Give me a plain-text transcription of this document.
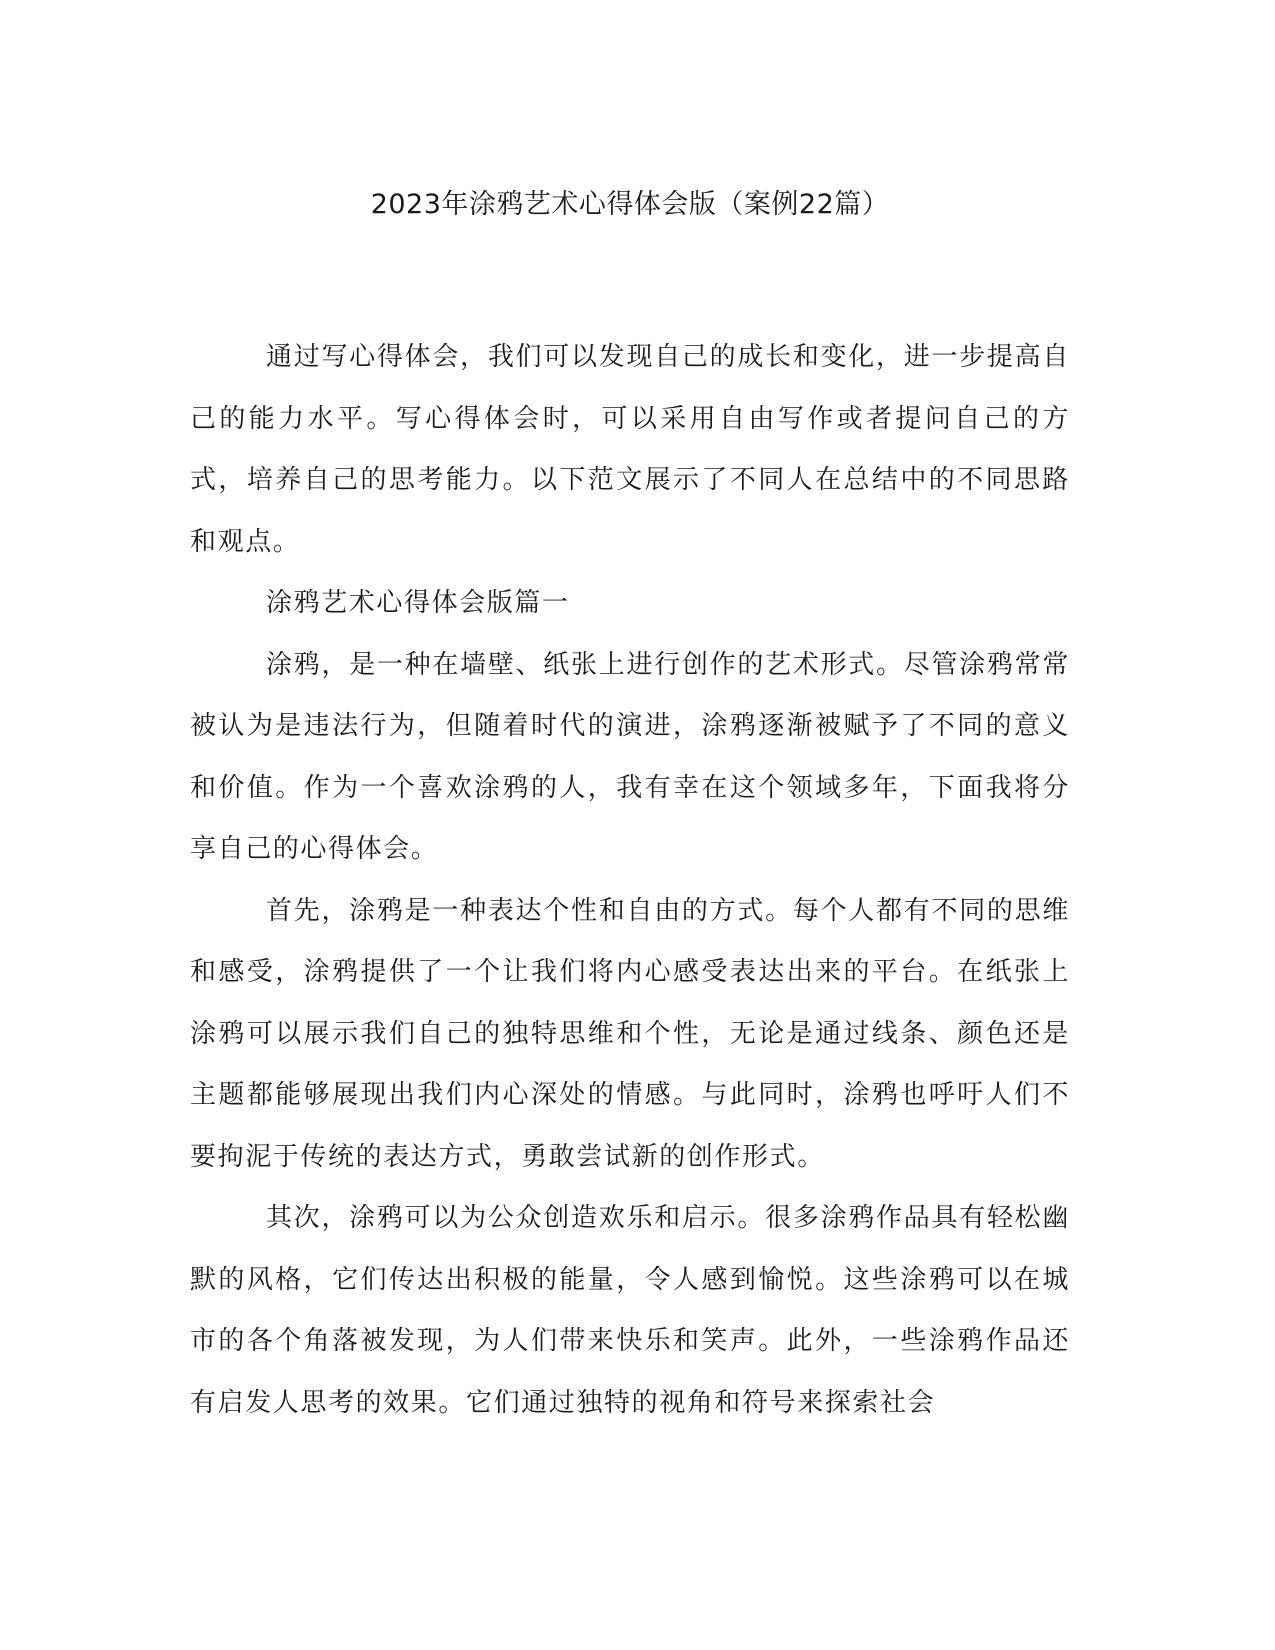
2023年涂鸦艺术心得体会版（案例22篇）

通过写心得体会，我们可以发现自己的成长和变化，进一步提高自己的能力水平。写心得体会时，可以采用自由写作或者提问自己的方式，培养自己的思考能力。以下范文展示了不同人在总结中的不同思路和观点。

涂鸦艺术心得体会版篇一

涂鸦，是一种在墙壁、纸张上进行创作的艺术形式。尽管涂鸦常常被认为是违法行为，但随着时代的演进，涂鸦逐渐被赋予了不同的意义和价值。作为一个喜欢涂鸦的人，我有幸在这个领域多年，下面我将分享自己的心得体会。

首先，涂鸦是一种表达个性和自由的方式。每个人都有不同的思维和感受，涂鸦提供了一个让我们将内心感受表达出来的平台。在纸张上涂鸦可以展示我们自己的独特思维和个性，无论是通过线条、颜色还是主题都能够展现出我们内心深处的情感。与此同时，涂鸦也呼吁人们不要拘泥于传统的表达方式，勇敢尝试新的创作形式。

其次，涂鸦可以为公众创造欢乐和启示。很多涂鸦作品具有轻松幽默的风格，它们传达出积极的能量，令人感到愉悦。这些涂鸦可以在城市的各个角落被发现，为人们带来快乐和笑声。此外，一些涂鸦作品还有启发人思考的效果。它们通过独特的视角和符号来探索社会
